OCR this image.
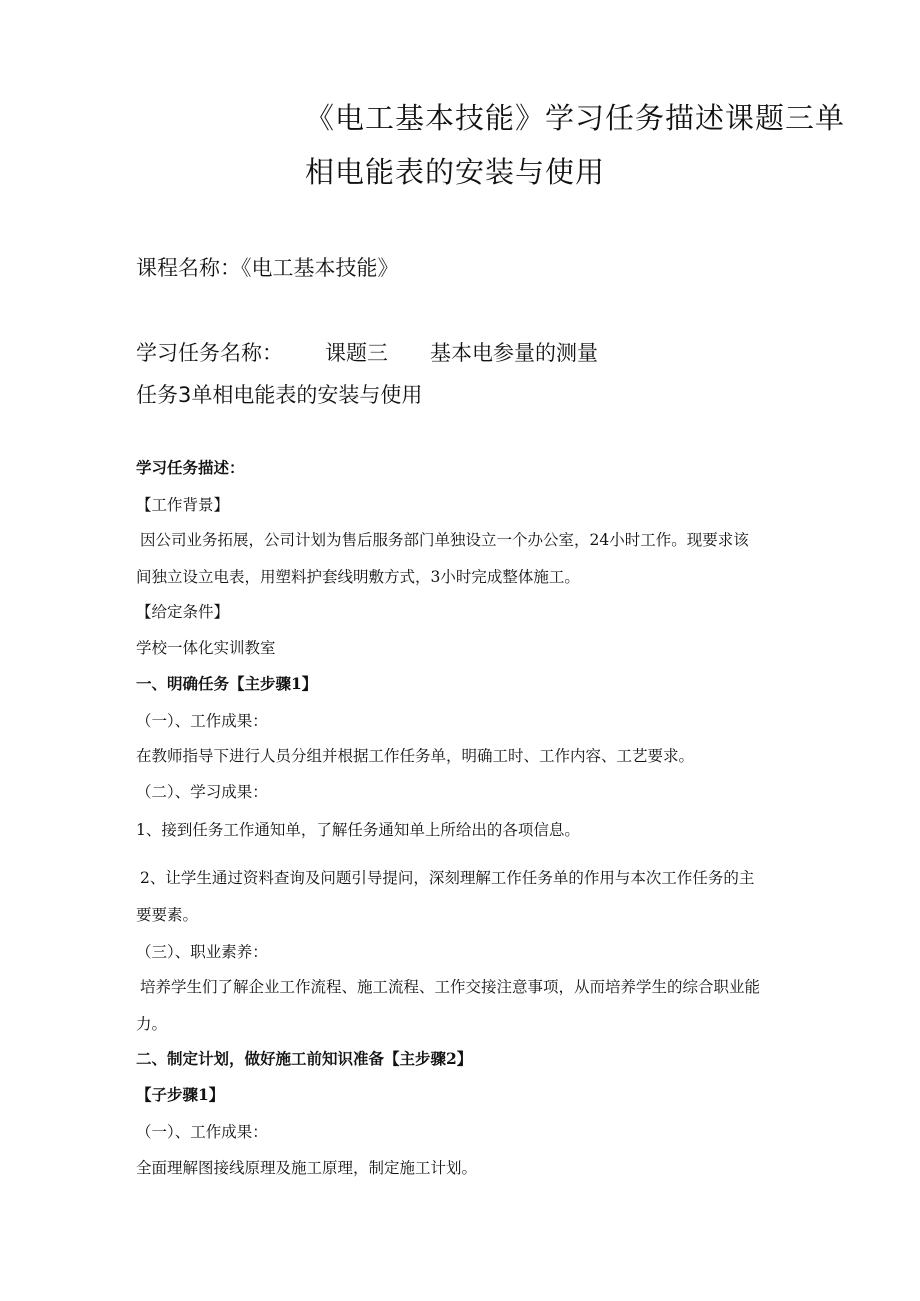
《电工基本技能》学习任务描述课题三单
相电能表的安装与使用
课程名称：《电工基本技能》
学习任务名称： 课题三 基本电参量的测量
任务3单相电能表的安装与使用
学习任务描述：
【工作背景】
因公司业务拓展，公司计划为售后服务部门单独设立一个办公室，24小时工作。现要求该
间独立设立电表，用塑料护套线明敷方式，3小时完成整体施工。
【给定条件】
学校一体化实训教室
一、明确任务【主步骤1】
（一）、工作成果：
在教师指导下进行人员分组并根据工作任务单，明确工时、工作内容、工艺要求。
（二）、学习成果：
1、接到任务工作通知单，了解任务通知单上所给出的各项信息。
2、让学生通过资料查询及问题引导提问，深刻理解工作任务单的作用与本次工作任务的主
要要素。
（三）、职业素养：
培养学生们了解企业工作流程、施工流程、工作交接注意事项，从而培养学生的综合职业能
力。
二、制定计划，做好施工前知识准备【主步骤2】
【子步骤1】
（一）、工作成果：
全面理解图接线原理及施工原理，制定施工计划。
